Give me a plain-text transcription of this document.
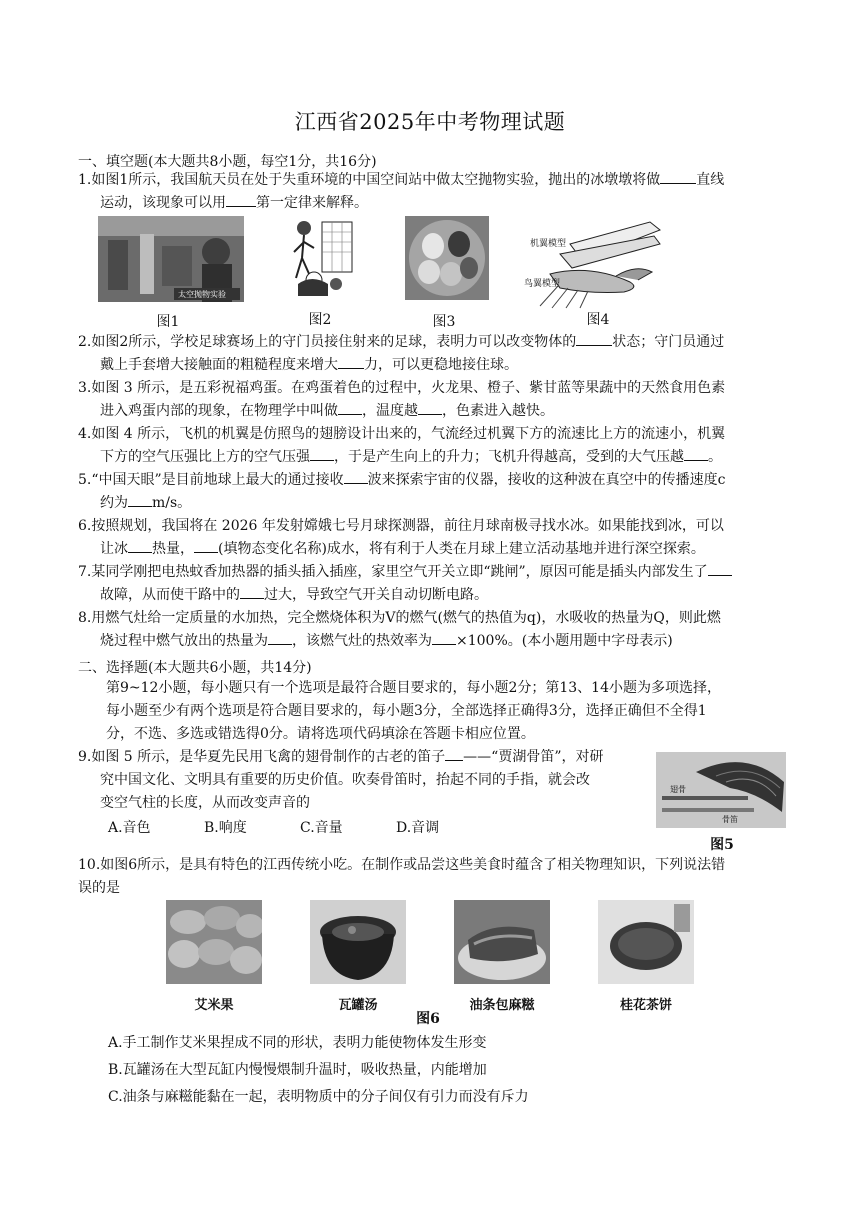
江西省2025年中考物理试题
一、填空题(本大题共8小题，每空1分，共16分)
1.如图1所示，我国航天员在处于失重环境的中国空间站中做太空抛物实验，抛出的冰墩墩将做	直线
运动，该现象可以用 第一定律来解释。
太空抛物实验
图1	图2	图3
机翼模型
鸟翼模型
图4
2.如图2所示，学校足球赛场上的守门员接住射来的足球，表明力可以改变物体的	状态；守门员通过
戴上手套增大接触面的粗糙程度来增大 力，可以更稳地接住球。
3.如图 3 所示，是五彩祝福鸡蛋。在鸡蛋着色的过程中，火龙果、橙子、紫甘蓝等果蔬中的天然食用色素
进入鸡蛋内部的现象，在物理学中叫做 ，温度越 ，色素进入越快。
4.如图 4 所示，飞机的机翼是仿照鸟的翅膀设计出来的，气流经过机翼下方的流速比上方的流速小，机翼
下方的空气压强比上方的空气压强 ，于是产生向上的升力；飞机升得越高，受到的大气压越 。
5.“中国天眼”是目前地球上最大的通过接收 波来探索宇宙的仪器，接收的这种波在真空中的传播速度c
约为 m/s。
6.按照规划，我国将在 2026 年发射嫦娥七号月球探测器，前往月球南极寻找水冰。如果能找到冰，可以
让冰 热量， (填物态变化名称)成水，将有利于人类在月球上建立活动基地并进行深空探索。
7.某同学刚把电热蚊香加热器的插头插入插座，家里空气开关立即“跳闸”，原因可能是插头内部发生了
故障，从而使干路中的 过大，导致空气开关自动切断电路。
8.用燃气灶给一定质量的水加热，完全燃烧体积为V的燃气(燃气的热值为q)，水吸收的热量为Q，则此燃
烧过程中燃气放出的热量为 ，该燃气灶的热效率为 ×100%。(本小题用题中字母表示)
二、选择题(本大题共6小题，共14分)
第9~12小题，每小题只有一个选项是最符合题目要求的，每小题2分；第13、14小题为多项选择，
每小题至少有两个选项是符合题目要求的，每小题3分，全部选择正确得3分，选择正确但不全得1
分，不选、多选或错选得0分。请将选项代码填涂在答题卡相应位置。
9.如图 5 所示，是华夏先民用飞禽的翅骨制作的古老的笛子 ——“贾湖骨笛”，对研
究中国文化、文明具有重要的历史价值。吹奏骨笛时，抬起不同的手指，就会改
变空气柱的长度，从而改变声音的
A.音色	B.响度	C.音量	D.音调
翅骨
骨笛
图5
10.如图6所示，是具有特色的江西传统小吃。在制作或品尝这些美食时蕴含了相关物理知识，下列说法错
误的是
艾米果	瓦罐汤	油条包麻糍	桂花茶饼
图6
A.手工制作艾米果捏成不同的形状，表明力能使物体发生形变
B.瓦罐汤在大型瓦缸内慢慢煨制升温时，吸收热量，内能增加
C.油条与麻糍能黏在一起，表明物质中的分子间仅有引力而没有斥力
